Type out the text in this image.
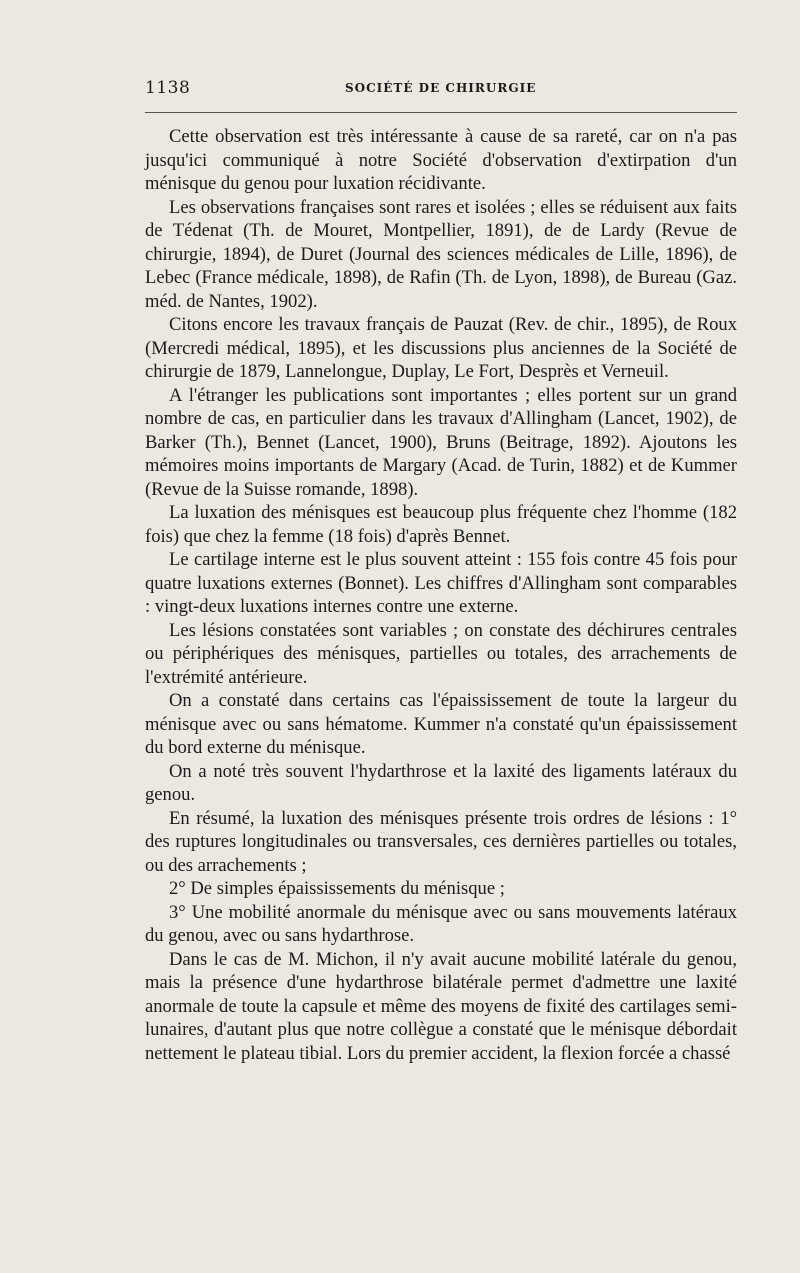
1138	SOCIÉTÉ DE CHIRURGIE

Cette observation est très intéressante à cause de sa rareté, car on n'a pas jusqu'ici communiqué à notre Société d'observation d'extirpation d'un ménisque du genou pour luxation récidivante.

Les observations françaises sont rares et isolées ; elles se réduisent aux faits de Tédenat (Th. de Mouret, Montpellier, 1891), de de Lardy (Revue de chirurgie, 1894), de Duret (Journal des sciences médicales de Lille, 1896), de Lebec (France médicale, 1898), de Rafin (Th. de Lyon, 1898), de Bureau (Gaz. méd. de Nantes, 1902).

Citons encore les travaux français de Pauzat (Rev. de chir., 1895), de Roux (Mercredi médical, 1895), et les discussions plus anciennes de la Société de chirurgie de 1879, Lannelongue, Duplay, Le Fort, Desprès et Verneuil.

A l'étranger les publications sont importantes ; elles portent sur un grand nombre de cas, en particulier dans les travaux d'Allingham (Lancet, 1902), de Barker (Th.), Bennet (Lancet, 1900), Bruns (Beitrage, 1892). Ajoutons les mémoires moins importants de Margary (Acad. de Turin, 1882) et de Kummer (Revue de la Suisse romande, 1898).

La luxation des ménisques est beaucoup plus fréquente chez l'homme (182 fois) que chez la femme (18 fois) d'après Bennet.

Le cartilage interne est le plus souvent atteint : 155 fois contre 45 fois pour quatre luxations externes (Bonnet). Les chiffres d'Allingham sont comparables : vingt-deux luxations internes contre une externe.

Les lésions constatées sont variables ; on constate des déchirures centrales ou périphériques des ménisques, partielles ou totales, des arrachements de l'extrémité antérieure.

On a constaté dans certains cas l'épaississement de toute la largeur du ménisque avec ou sans hématome. Kummer n'a constaté qu'un épaississement du bord externe du ménisque.

On a noté très souvent l'hydarthrose et la laxité des ligaments latéraux du genou.

En résumé, la luxation des ménisques présente trois ordres de lésions : 1° des ruptures longitudinales ou transversales, ces dernières partielles ou totales, ou des arrachements ;

2° De simples épaississements du ménisque ;

3° Une mobilité anormale du ménisque avec ou sans mouvements latéraux du genou, avec ou sans hydarthrose.

Dans le cas de M. Michon, il n'y avait aucune mobilité latérale du genou, mais la présence d'une hydarthrose bilatérale permet d'admettre une laxité anormale de toute la capsule et même des moyens de fixité des cartilages semi-lunaires, d'autant plus que notre collègue a constaté que le ménisque débordait nettement le plateau tibial. Lors du premier accident, la flexion forcée a chassé
